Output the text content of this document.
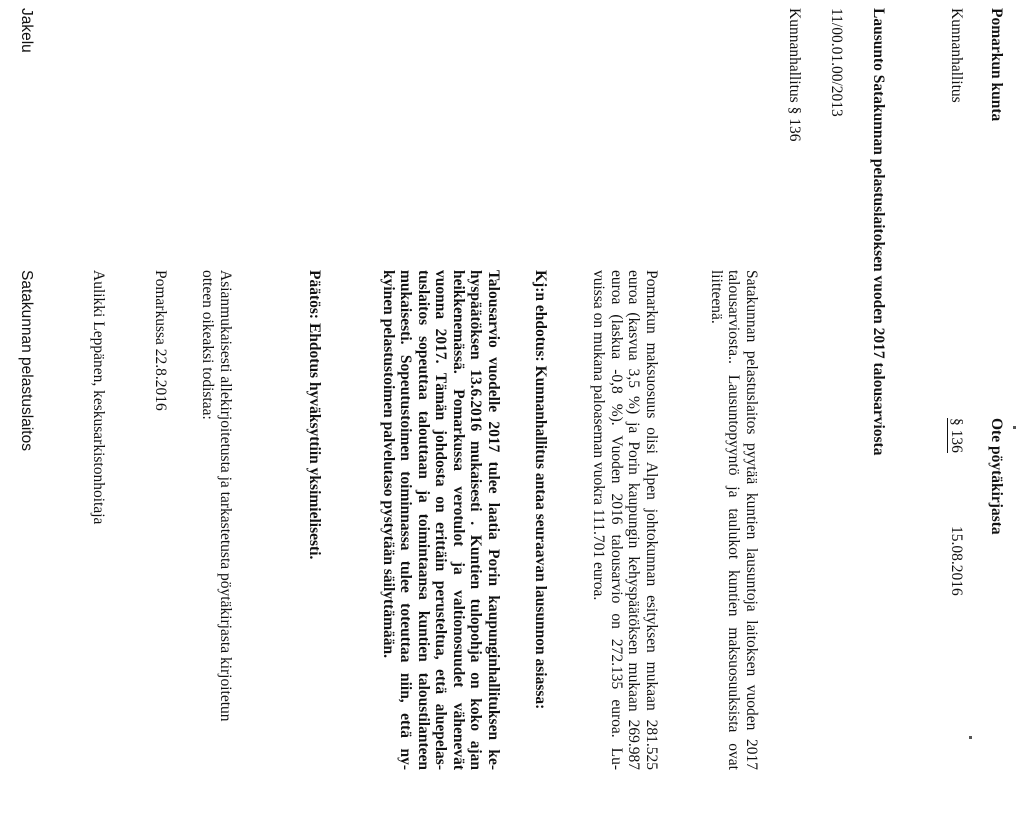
Pomarkun kunta
Ote pöytäkirjasta
Kunnanhallitus
§ 136
15.08.2016
Lausunto Satakunnan pelastuslaitoksen vuoden 2017 talousarviosta
11/00.01.00/2013
Kunnanhallitus § 136
Satakunnan pelastuslaitos pyytää kuntien lausuntoja laitoksen vuoden 2017
talousarviosta.. Lausuntopyyntö ja taulukot kuntien maksuosuuksista ovat
liitteenä.
Pomarkun maksuosuus olisi Alpen johtokunnan esityksen mukaan 281.525
euroa (kasvua 3,5 %) ja Porin kaupungin kehyspäätöksen mukaan 269.987
euroa (laskua -0,8 %). Vuoden 2016 talousarvio on 272.135 euroa. Lu-
vuissa on mukana paloaseman vuokra 111.701 euroa.
Kj:n ehdotus: Kunnanhallitus antaa seuraavan lausunnon asiassa:
Talousarvio vuodelle 2017 tulee laatia Porin kaupunginhallituksen ke-
hyspäätöksen 13.6.2016 mukaisesti . Kuntien tulopohja on koko ajan
heikkenemässä. Pomarkussa verotulot ja valtionosuudet vähenevät
vuonna 2017. Tämän johdosta on erittäin perusteltua, että aluepelas-
tuslaitos sopeuttaa talouttaan ja toimintaansa kuntien taloustilanteen
mukaisesti. Sopeutustoimen toiminnassa tulee toteuttaa niin, että ny-
kyinen pelastustoimen palvelutaso pystytään säilyttämään.
Päätös: Ehdotus hyväksyttiin yksimielisesti.
Asianmukaisesti allekirjoitetusta ja tarkastetusta pöytäkirjasta kirjoitetun
otteen oikeaksi todistaa:
Pomarkussa 22.8.2016
Aulikki Leppänen, keskusarkistonhoitaja
Jakelu
Satakunnan pelastuslaitos
